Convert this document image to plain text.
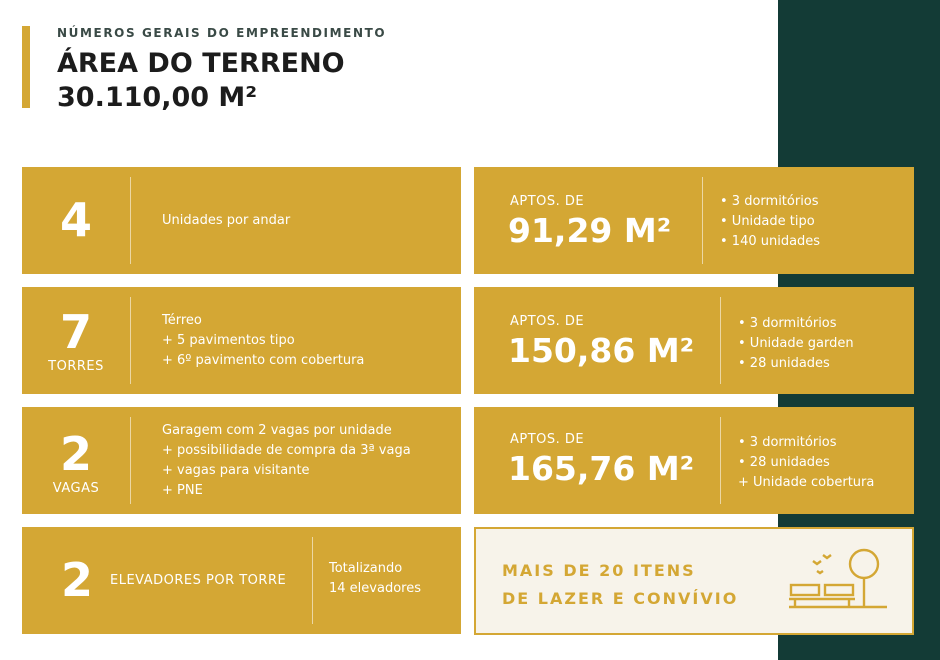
NÚMEROS GERAIS DO EMPREENDIMENTO
ÁREA DO TERRENO
30.110,00 M²
4	Unidades por andar
7
TORRES
Térreo
+ 5 pavimentos tipo
+ 6º pavimento com cobertura
2
VAGAS
Garagem com 2 vagas por unidade
+ possibilidade de compra da 3ª vaga
+ vagas para visitante
+ PNE
2	ELEVADORES POR TORRE
Totalizando
14 elevadores
APTOS. DE
91,29 M²
• 3 dormitórios
• Unidade tipo
• 140 unidades
APTOS. DE
150,86 M²
• 3 dormitórios
• Unidade garden
• 28 unidades
APTOS. DE
165,76 M²
• 3 dormitórios
• 28 unidades
+ Unidade cobertura
MAIS DE 20 ITENS
DE LAZER E CONVÍVIO
